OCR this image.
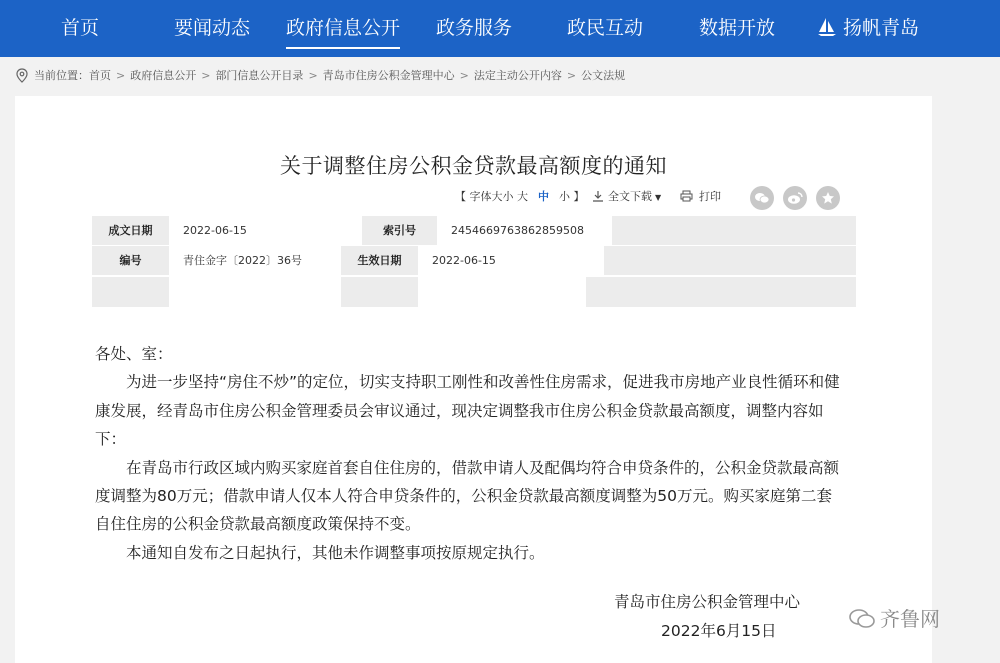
首页	要闻动态 政府信息公开 政务服务	政民互动	数据开放	扬帆青岛
当前位置：首页 > 政府信息公开 > 部门信息公开目录 > 青岛市住房公积金管理中心 > 法定主动公开内容 > 公文法规
关于调整住房公积金贷款最高额度的通知
【 字体大小 大 中 小 】	全文下载 ▼	打印
成文日期	2022-06-15	索引号	2454669763862859508
编号	青住金字〔2022〕36号	生效日期	2022-06-15

各处、室：

为进一步坚持“房住不炒”的定位，切实支持职工刚性和改善性住房需求，促进我市房地产业良性循环和健康发展，经青岛市住房公积金管理委员会审议通过，现决定调整我市住房公积金贷款最高额度，调整内容如下：

在青岛市行政区域内购买家庭首套自住住房的，借款申请人及配偶均符合申贷条件的，公积金贷款最高额度调整为80万元；借款申请人仅本人符合申贷条件的，公积金贷款最高额度调整为50万元。购买家庭第二套自住住房的公积金贷款最高额度政策保持不变。

本通知自发布之日起执行，其他未作调整事项按原规定执行。

青岛市住房公积金管理中心
2022年6月15日	齐鲁网
